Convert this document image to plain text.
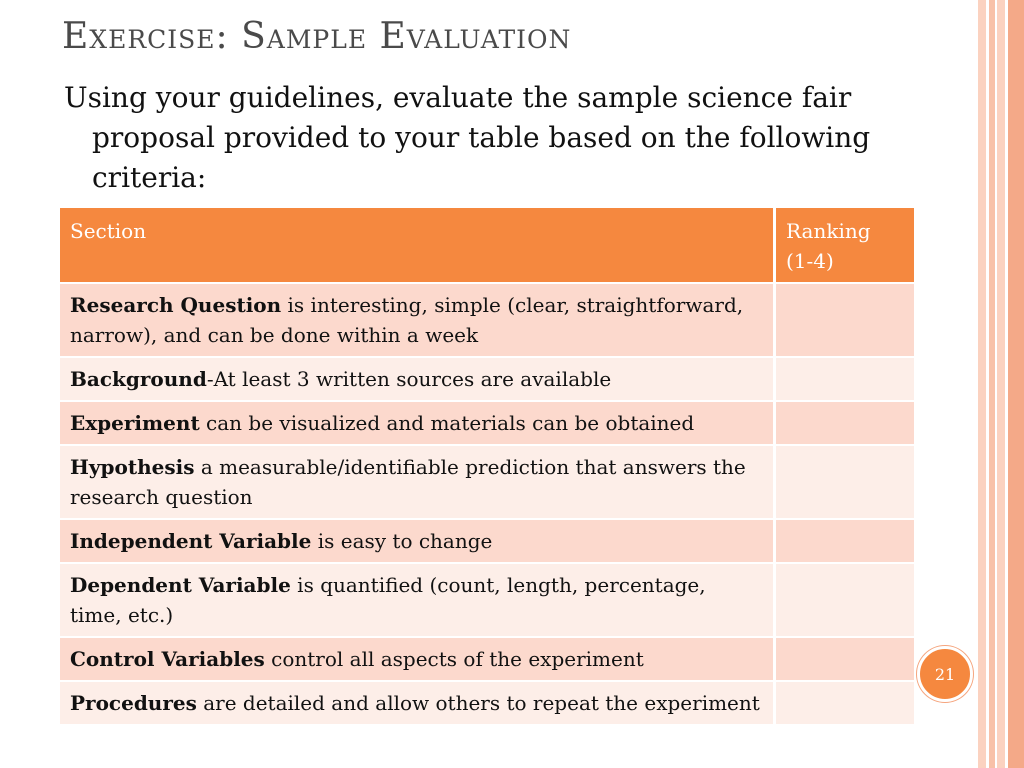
Exercise: Sample Evaluation
Using your guidelines, evaluate the sample science fair proposal provided to your table based on the following criteria:
Section	Ranking (1-4)
Research Question is interesting, simple (clear, straightforward, narrow), and can be done within a week	
Background-At least 3 written sources are available	
Experiment can be visualized and materials can be obtained	
Hypothesis a measurable/identifiable prediction that answers the research question	
Independent Variable is easy to change	
Dependent Variable is quantified (count, length, percentage, time, etc.)	
Control Variables control all aspects of the experiment	
Procedures are detailed and allow others to repeat the experiment	
21
